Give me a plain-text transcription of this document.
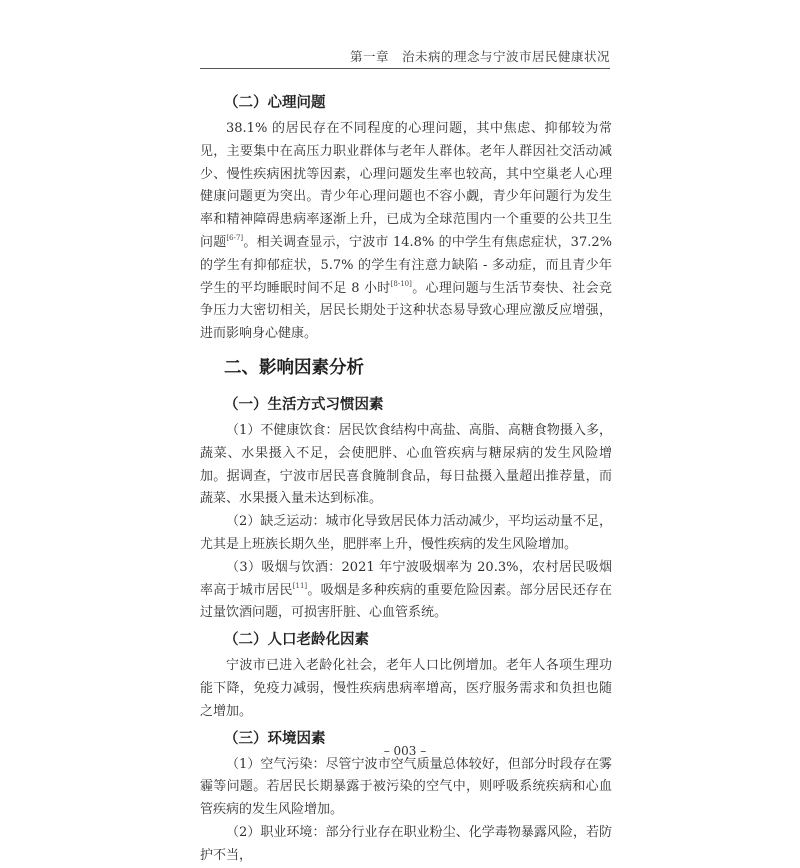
第一章　治未病的理念与宁波市居民健康状况
（二）心理问题

38.1% 的居民存在不同程度的心理问题，其中焦虑、抑郁较为常见，主要集中在高压力职业群体与老年人群体。老年人群因社交活动减少、慢性疾病困扰等因素，心理问题发生率也较高，其中空巢老人心理健康问题更为突出。青少年心理问题也不容小觑，青少年问题行为发生率和精神障碍患病率逐渐上升，已成为全球范围内一个重要的公共卫生问题[6-7]。相关调查显示，宁波市 14.8% 的中学生有焦虑症状，37.2% 的学生有抑郁症状，5.7% 的学生有注意力缺陷 - 多动症，而且青少年学生的平均睡眠时间不足 8 小时[8-10]。心理问题与生活节奏快、社会竞争压力大密切相关，居民长期处于这种状态易导致心理应激反应增强，进而影响身心健康。

二、影响因素分析
（一）生活方式习惯因素

（1）不健康饮食：居民饮食结构中高盐、高脂、高糖食物摄入多，蔬菜、水果摄入不足，会使肥胖、心血管疾病与糖尿病的发生风险增加。据调查，宁波市居民喜食腌制食品，每日盐摄入量超出推荐量，而蔬菜、水果摄入量未达到标准。

（2）缺乏运动：城市化导致居民体力活动减少，平均运动量不足，尤其是上班族长期久坐，肥胖率上升，慢性疾病的发生风险增加。

（3）吸烟与饮酒：2021 年宁波吸烟率为 20.3%，农村居民吸烟率高于城市居民[11]。吸烟是多种疾病的重要危险因素。部分居民还存在过量饮酒问题，可损害肝脏、心血管系统。

（二）人口老龄化因素

宁波市已进入老龄化社会，老年人口比例增加。老年人各项生理功能下降，免疫力减弱，慢性疾病患病率增高，医疗服务需求和负担也随之增加。

（三）环境因素

（1）空气污染：尽管宁波市空气质量总体较好，但部分时段存在雾霾等问题。若居民长期暴露于被污染的空气中，则呼吸系统疾病和心血管疾病的发生风险增加。

（2）职业环境：部分行业存在职业粉尘、化学毒物暴露风险，若防护不当，

– 003 –
